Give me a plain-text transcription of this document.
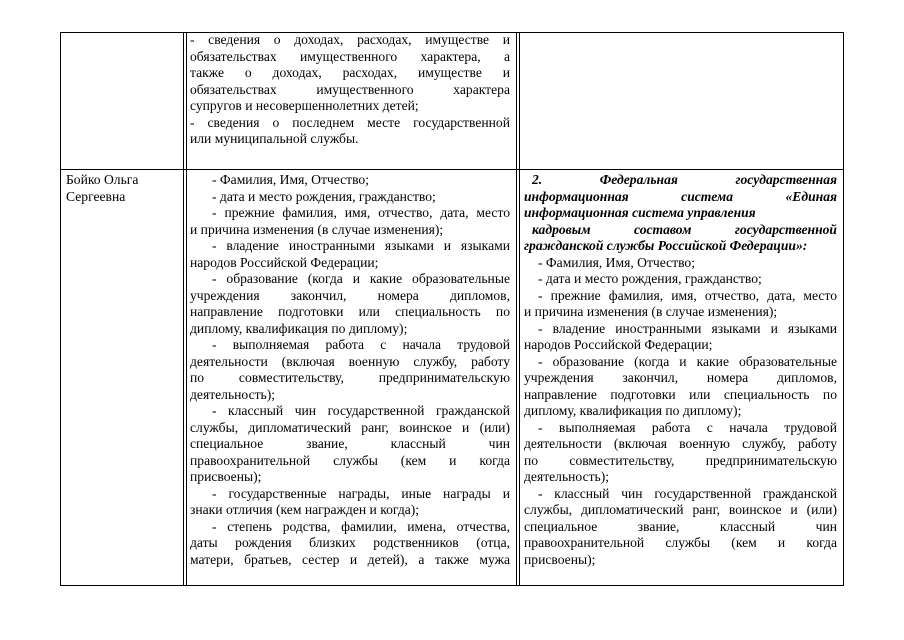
- сведения о доходах, расходах, имуществе и
обязательствах имущественного характера, а
также о доходах, расходах, имуществе и
обязательствах имущественного характера
супругов и несовершеннолетних детей;
- сведения о последнем месте государственной
или муниципальной службы.
Бойко Ольга
Сергеевна
- Фамилия, Имя, Отчество;
- дата и место рождения, гражданство;
- прежние фамилия, имя, отчество, дата, место
и причина изменения (в случае изменения);
- владение иностранными языками и языками
народов Российской Федерации;
- образование (когда и какие образовательные
учреждения закончил, номера дипломов,
направление подготовки или специальность по
диплому, квалификация по диплому);
- выполняемая работа с начала трудовой
деятельности (включая военную службу, работу
по совместительству, предпринимательскую
деятельность);
- классный чин государственной гражданской
службы, дипломатический ранг, воинское и (или)
специальное звание, классный чин
правоохранительной службы (кем и когда
присвоены);
- государственные награды, иные награды и
знаки отличия (кем награжден и когда);
- степень родства, фамилии, имена, отчества,
даты рождения близких родственников (отца,
матери, братьев, сестер и детей), а также мужа
2. Федеральная государственная
информационная система «Единая
информационная система управления
кадровым составом государственной
гражданской службы Российской Федерации»:
- Фамилия, Имя, Отчество;
- дата и место рождения, гражданство;
- прежние фамилия, имя, отчество, дата, место
и причина изменения (в случае изменения);
- владение иностранными языками и языками
народов Российской Федерации;
- образование (когда и какие образовательные
учреждения закончил, номера дипломов,
направление подготовки или специальность по
диплому, квалификация по диплому);
- выполняемая работа с начала трудовой
деятельности (включая военную службу, работу
по совместительству, предпринимательскую
деятельность);
- классный чин государственной гражданской
службы, дипломатический ранг, воинское и (или)
специальное звание, классный чин
правоохранительной службы (кем и когда
присвоены);
